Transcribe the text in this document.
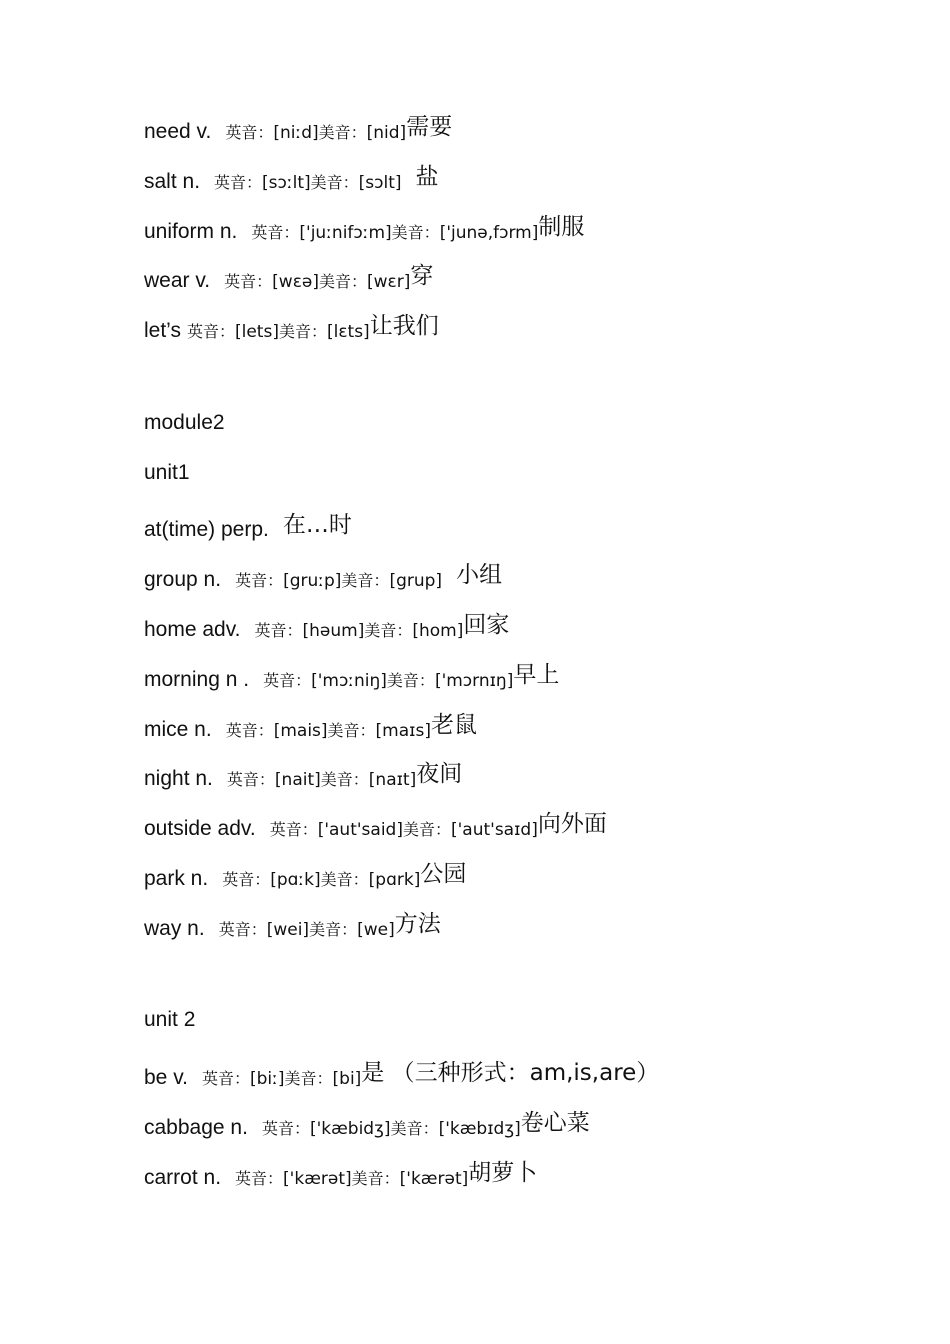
need v. 英音： [niːd] 美音： [nid] 需要
salt n. 英音： [sɔːlt] 美音： [sɔlt] 盐
uniform n. 英音： ['juːnifɔːm] 美音： ['junə,fɔrm] 制服
wear v. 英音： [wɛə] 美音： [wɛr] 穿
let’s 英音： [lets] 美音： [lɛts] 让我们
module2
unit1
at(time) perp. 在…时
group n. 英音： [gruːp] 美音： [grup] 小组
home adv. 英音： [həum] 美音： [hom] 回家
morning n . 英音： ['mɔːniŋ] 美音： ['mɔrnɪŋ] 早上
mice n. 英音： [mais] 美音： [maɪs] 老鼠
night n. 英音： [nait] 美音： [naɪt] 夜间
outside adv. 英音： ['aut'said] 美音： ['aut'saɪd] 向外面
park n. 英音： [pɑːk] 美音： [pɑrk] 公园
way n. 英音： [wei] 美音： [we] 方法
unit 2
be v. 英音： [biː] 美音： [bi] 是 （三种形式：am,is,are）
cabbage n. 英音： ['kæbidʒ] 美音： ['kæbɪdʒ] 卷心菜
carrot n. 英音： ['kærət] 美音： ['kærət] 胡萝卜
